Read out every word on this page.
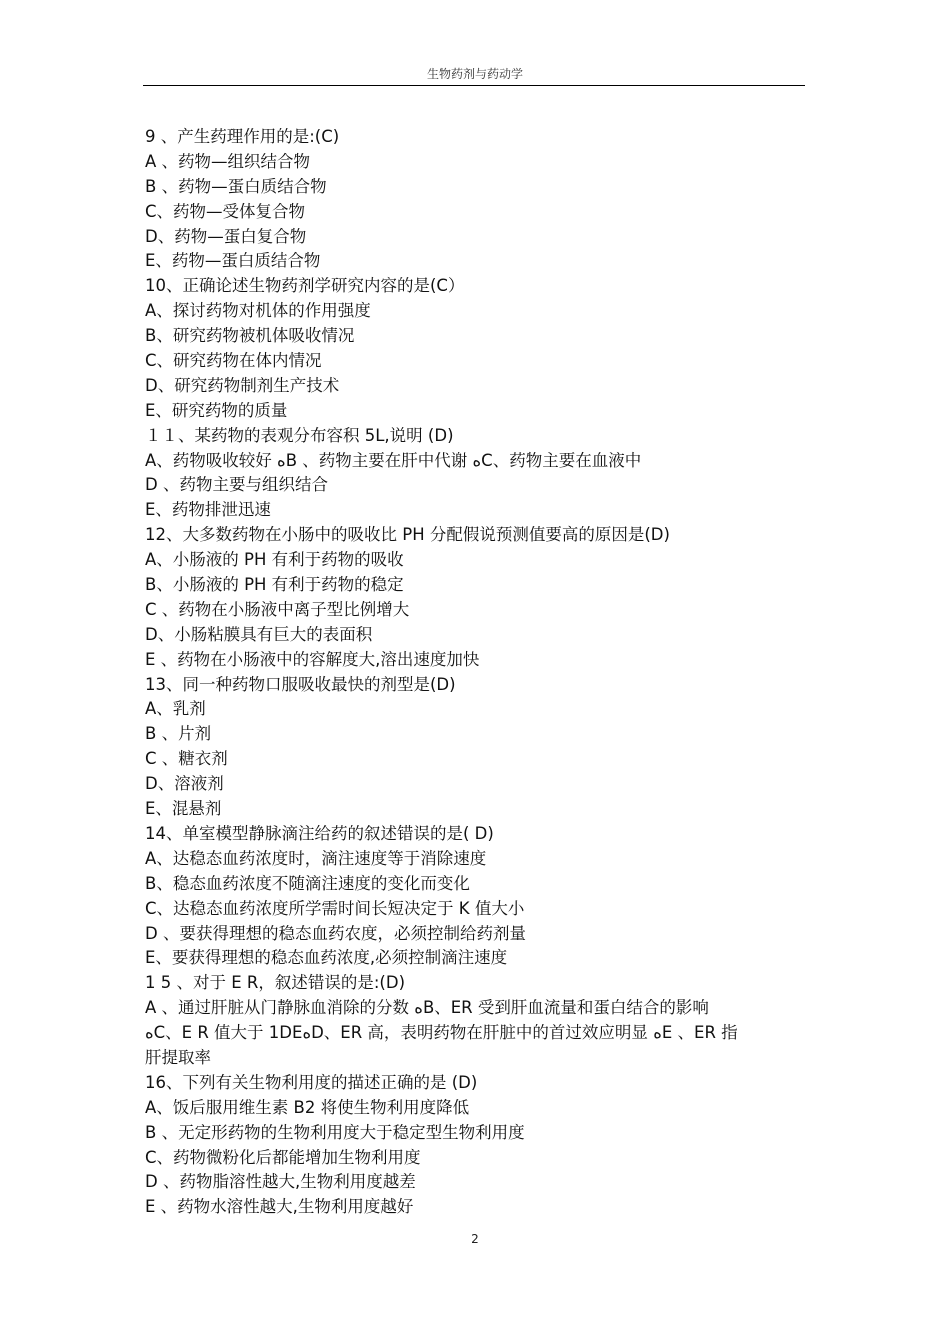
生物药剂与药动学
9 、产生药理作用的是:(C)
A 、药物—组织结合物
B 、药物—蛋白质结合物
C、药物—受体复合物
D、药物—蛋白复合物
E、药物—蛋白质结合物
10、正确论述生物药剂学研究内容的是(C）
A、探讨药物对机体的作用强度
B、研究药物被机体吸收情况
C、研究药物在体内情况
D、研究药物制剂生产技术
E、研究药物的质量
１１、某药物的表观分布容积 5L,说明 (D)
A、药物吸收较好 ﻩB 、药物主要在肝中代谢 ﻩC、药物主要在血液中
D 、药物主要与组织结合
E、药物排泄迅速
12、大多数药物在小肠中的吸收比 PH 分配假说预测值要高的原因是(D)
A、小肠液的 PH 有利于药物的吸收
B、小肠液的 PH 有利于药物的稳定
C 、药物在小肠液中离子型比例增大
D、小肠粘膜具有巨大的表面积
E 、药物在小肠液中的容解度大,溶出速度加快
13、同一种药物口服吸收最快的剂型是(D)
A、乳剂
B 、片剂
C 、糖衣剂
D、溶液剂
E、混悬剂
14、单室模型静脉滴注给药的叙述错误的是( D)
A、达稳态血药浓度时，滴注速度等于消除速度
B、稳态血药浓度不随滴注速度的变化而变化
C、达稳态血药浓度所学需时间长短决定于 K 值大小
D 、要获得理想的稳态血药农度，必须控制给药剂量
E、要获得理想的稳态血药浓度,必须控制滴注速度
1 5 、对于 E R，叙述错误的是:(D)
A 、通过肝脏从门静脉血消除的分数 ﻩB、ER 受到肝血流量和蛋白结合的影响
ﻩC、E R 值大于 1DEﻩD、ER 高，表明药物在肝脏中的首过效应明显 ﻩE 、ER 指
肝提取率
16、下列有关生物利用度的描述正确的是 (D)
A、饭后服用维生素 B2 将使生物利用度降低
B 、无定形药物的生物利用度大于稳定型生物利用度
C、药物微粉化后都能增加生物利用度
D 、药物脂溶性越大,生物利用度越差
E 、药物水溶性越大,生物利用度越好
2
